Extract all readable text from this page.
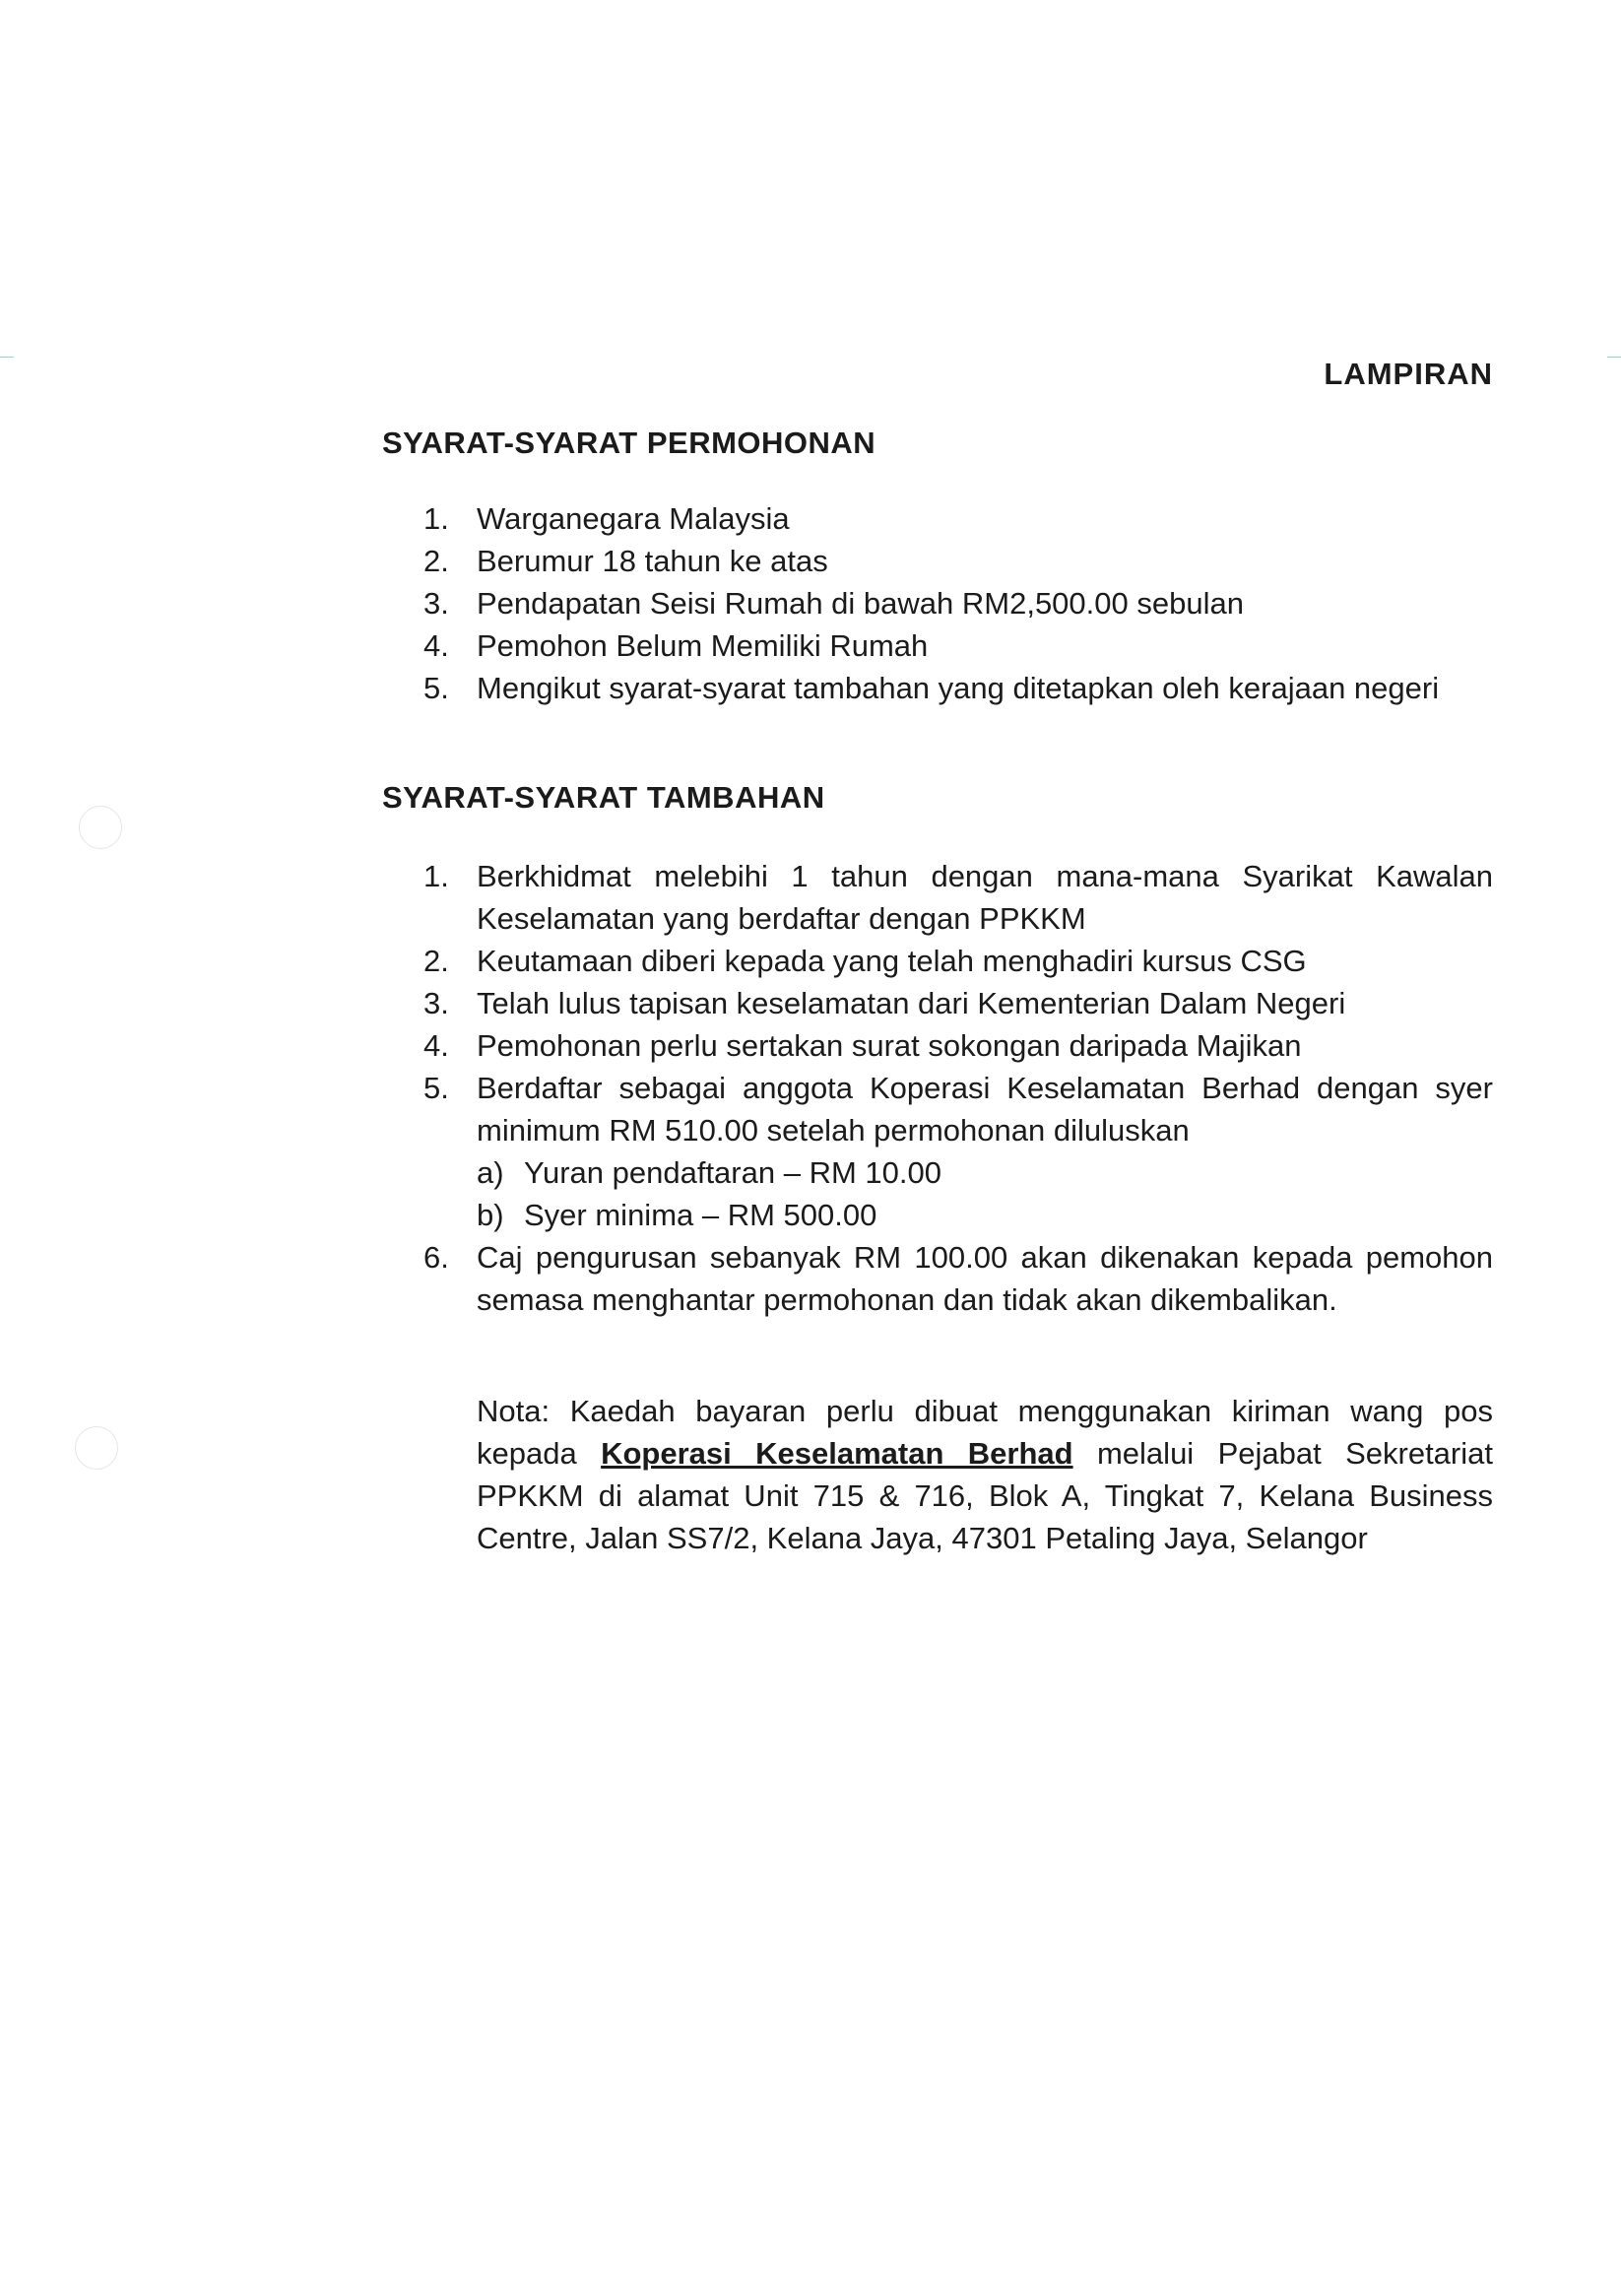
LAMPIRAN
SYARAT-SYARAT PERMOHONAN
1. Warganegara Malaysia
2. Berumur 18 tahun ke atas
3. Pendapatan Seisi Rumah di bawah RM2,500.00 sebulan
4. Pemohon Belum Memiliki Rumah
5. Mengikut syarat-syarat tambahan yang ditetapkan oleh kerajaan negeri
SYARAT-SYARAT TAMBAHAN
1. Berkhidmat melebihi 1 tahun dengan mana-mana Syarikat Kawalan Keselamatan yang berdaftar dengan PPKKM
2. Keutamaan diberi kepada yang telah menghadiri kursus CSG
3. Telah lulus tapisan keselamatan dari Kementerian Dalam Negeri
4. Pemohonan perlu sertakan surat sokongan daripada Majikan
5. Berdaftar sebagai anggota Koperasi Keselamatan Berhad dengan syer minimum RM 510.00 setelah permohonan diluluskan
a) Yuran pendaftaran – RM 10.00
b) Syer minima – RM 500.00
6. Caj pengurusan sebanyak RM 100.00 akan dikenakan kepada pemohon semasa menghantar permohonan dan tidak akan dikembalikan.

Nota: Kaedah bayaran perlu dibuat menggunakan kiriman wang pos kepada Koperasi Keselamatan Berhad melalui Pejabat Sekretariat PPKKM di alamat Unit 715 & 716, Blok A, Tingkat 7, Kelana Business Centre, Jalan SS7/2, Kelana Jaya, 47301 Petaling Jaya, Selangor
